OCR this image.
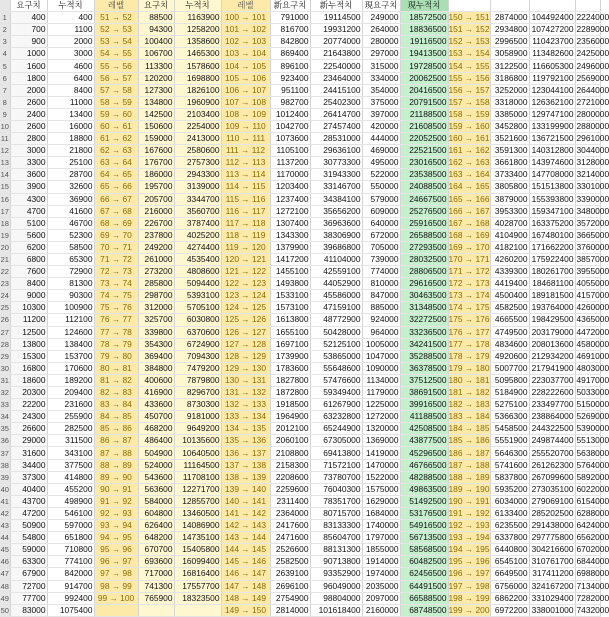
	요구치	누적치	레벨	요구치	누적치	레벨	新요구치	新누적치	現요구치	現누적치				
1	400	400	51 → 52	88500	1163900	100 → 101	791000	19114500	249000	18572500	150 → 151	2874000	104492400	2224000
2	700	1100	52 → 53	94300	1258200	101 → 102	816700	19931200	264000	18836500	151 → 152	2934800	107427200	2289000
3	900	2000	53 → 54	100400	1358600	102 → 103	842800	20774000	280000	19116500	152 → 153	2996500	110423700	2356000
4	1000	3000	54 → 55	106700	1465300	103 → 104	869400	21643800	297000	19413500	153 → 154	3058900	113482600	2425000
5	1600	4600	55 → 56	113300	1578600	104 → 105	896100	22540000	315000	19728500	154 → 155	3122500	116605300	2496000
6	1800	6400	56 → 57	120200	1698800	105 → 106	923400	23464000	334000	20062500	155 → 156	3186800	119792100	2569000
7	2000	8400	57 → 58	127300	1826100	106 → 107	951100	24415100	354000	20416500	156 → 157	3252000	123044100	2644000
8	2600	11000	58 → 59	134800	1960900	107 → 108	982700	25402300	375000	20791500	157 → 158	3318000	126362100	2721000
9	2400	13400	59 → 60	142500	2103400	108 → 109	1012400	26414700	397000	21188500	158 → 159	3385000	129747100	2800000
10	2600	16000	60 → 61	150600	2254000	109 → 110	1042700	27457400	420000	21608500	159 → 160	3452800	133199900	2880000
11	2800	18800	61 → 62	159000	2413000	110 → 111	1073600	28531000	444000	22052500	160 → 161	3521600	136721500	2961000
12	3000	21800	62 → 63	167600	2580600	111 → 112	1105100	29636100	469000	22521500	161 → 162	3591300	140312800	3044000
13	3300	25100	63 → 64	176700	2757300	112 → 113	1137200	30773300	495000	23016500	162 → 163	3661800	143974600	3128000
14	3600	28700	64 → 65	186000	2943300	113 → 114	1170000	31943300	522000	23538500	163 → 164	3733400	147708000	3214000
15	3900	32600	65 → 66	195700	3139000	114 → 115	1203400	33146700	550000	24088500	164 → 165	3805800	151513800	3301000
16	4300	36900	66 → 67	205700	3344700	115 → 116	1237400	34384100	579000	24667500	165 → 166	3879000	155393800	3390000
17	4700	41600	67 → 68	216000	3560700	116 → 117	1272100	35656200	609000	25276500	166 → 167	3953300	159347100	3480000
18	5100	46700	68 → 69	226700	3787400	117 → 118	1307400	36963600	640000	25916500	167 → 168	4028700	163375200	3572000
19	5600	52300	69 → 70	237800	4025200	118 → 119	1343300	38306900	672000	26588500	168 → 169	4104900	167480100	3665000
20	6200	58500	70 → 71	249200	4274400	119 → 120	1379900	39686800	705000	27293500	169 → 170	4182100	171662200	3760000
21	6800	65300	71 → 72	261000	4535400	120 → 121	1417200	41104000	739000	28032500	170 → 171	4260200	175922400	3857000
22	7600	72900	72 → 73	273200	4808600	121 → 122	1455100	42559100	774000	28806500	171 → 172	4339300	180261700	3955000
23	8400	81300	73 → 74	285800	5094400	122 → 123	1493800	44052900	810000	29616500	172 → 173	4419400	184681100	4055000
24	9000	90300	74 → 75	298700	5393100	123 → 124	1533100	45586000	847000	30463500	173 → 174	4500400	189181500	4157000
25	10300	100900	75 → 76	312000	5705100	124 → 125	1573100	47159100	885000	31348500	174 → 175	4582500	193764000	4260000
26	11200	112100	76 → 77	325700	6030800	125 → 126	1613800	48772900	924000	32272500	175 → 176	4665500	198429500	4365000
27	12500	124600	77 → 78	339800	6370600	126 → 127	1655100	50428000	964000	33236500	176 → 177	4749500	203179000	4472000
28	13800	138400	78 → 79	354300	6724900	127 → 128	1697100	52125100	1005000	34241500	177 → 178	4834600	208013600	4580000
29	15300	153700	79 → 80	369400	7094300	128 → 129	1739900	53865000	1047000	35288500	178 → 179	4920600	212934200	4691000
30	16800	170600	80 → 81	384800	7479200	129 → 130	1783600	55648600	1090000	36378500	179 → 180	5007700	217941900	4803000
31	18600	189200	81 → 82	400600	7879800	130 → 131	1827800	57476600	1134000	37512500	180 → 181	5095800	223037700	4917000
32	20300	209400	82 → 83	416900	8296700	131 → 132	1872800	59349400	1179000	38691500	181 → 182	5184900	228222600	5033000
33	22200	231600	83 → 84	433600	8730300	132 → 133	1918500	61267900	1225000	39916500	182 → 183	5275100	233497700	5150000
34	24300	255900	84 → 85	450700	9181000	133 → 134	1964900	63232800	1272000	41188500	183 → 184	5366300	238864000	5269000
35	26600	282500	85 → 86	468200	9649200	134 → 135	2012100	65244900	1320000	42508500	184 → 185	5458500	244322500	5390000
36	29000	311500	86 → 87	486400	10135600	135 → 136	2060100	67305000	1369000	43877500	185 → 186	5551900	249874400	5513000
37	31600	343100	87 → 88	504900	10640500	136 → 137	2108800	69413800	1419000	45296500	186 → 187	5646300	255520700	5638000
38	34400	377500	88 → 89	524000	11164500	137 → 138	2158300	71572100	1470000	46766500	187 → 188	5741600	261262300	5764000
39	37300	414800	89 → 90	543600	11708100	138 → 139	2208600	73780700	1522000	48288500	188 → 189	5837800	267099600	5892000
40	40400	455200	90 → 91	563600	12271700	139 → 140	2259600	76040300	1575000	49863500	189 → 190	5935200	273035100	6022000
41	43700	498900	91 → 92	584000	12855700	140 → 141	2311400	78351700	1629000	51492500	190 → 191	6034000	279069100	6154000
42	47200	546100	92 → 93	604800	13460500	141 → 142	2364000	80715700	1684000	53176500	191 → 192	6133400	285202500	6288000
43	50900	597000	93 → 94	626400	14086900	142 → 143	2417600	83133300	1740000	54916500	192 → 193	6235500	291438000	6424000
44	54800	651800	94 → 95	648200	14735100	143 → 144	2471600	85604700	1797000	56713500	193 → 194	6337800	297775800	6562000
45	59000	710800	95 → 96	670700	15405800	144 → 145	2526600	88131300	1855000	58568500	194 → 195	6440800	304216600	6702000
46	63300	774100	96 → 97	693600	16099400	145 → 146	2582500	90713800	1914000	60482500	195 → 196	6545100	310761700	6844000
47	67900	842000	97 → 98	717000	16816400	146 → 147	2639100	93352900	1974000	62456500	196 → 197	6649500	317411200	6988000
48	72700	914700	98 → 99	741300	17557700	147 → 148	2696100	96049000	2035000	64491500	197 → 198	6756000	324167200	7134000
49	77700	992400	99 → 100	765900	18323500	148 → 149	2754900	98804000	2097000	66588500	198 → 199	6862200	331029400	7282000
50	83000	1075400				149 → 150	2814000	101618400	2160000	68748500	199 → 200	6972200	338001000	7432000
